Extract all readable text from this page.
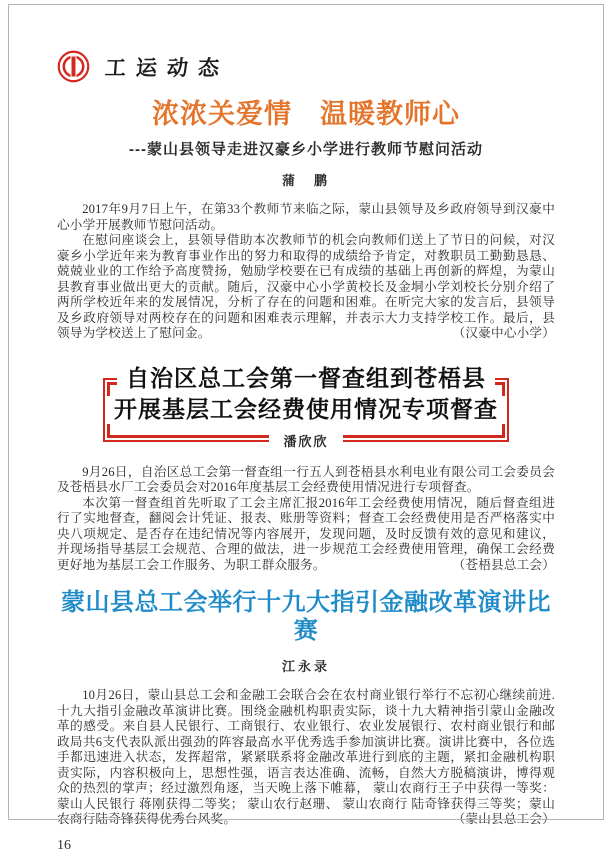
工运动态
浓浓关爱情　温暖教师心
---蒙山县领导走进汉豪乡小学进行教师节慰问活动
蒲　鹏

2017年9月7日上午，在第33个教师节来临之际，蒙山县领导及乡政府领导到汉豪中心小学开展教师节慰问活动。

在慰问座谈会上，县领导借助本次教师节的机会向教师们送上了节日的问候，对汉豪乡小学近年来为教育事业作出的努力和取得的成绩给予肯定，对教职员工勤勤恳恳、兢兢业业的工作给予高度赞扬，勉励学校要在已有成绩的基础上再创新的辉煌，为蒙山县教育事业做出更大的贡献。随后，汉豪中心小学黄校长及金垌小学刘校长分别介绍了两所学校近年来的发展情况，分析了存在的问题和困难。在听完大家的发言后，县领导及乡政府领导对两校存在的问题和困难表示理解，并表示大力支持学校工作。最后，县领导为学校送上了慰问金。	（汉豪中心小学）

自治区总工会第一督查组到苍梧县
开展基层工会经费使用情况专项督查
潘欣欣

9月26日，自治区总工会第一督查组一行五人到苍梧县水利电业有限公司工会委员会及苍梧县水厂工会委员会对2016年度基层工会经费使用情况进行专项督查。

本次第一督查组首先听取了工会主席汇报2016年工会经费使用情况，随后督查组进行了实地督查，翻阅会计凭证、报表、账册等资料；督查工会经费使用是否严格落实中央八项规定、是否存在违纪情况等内容展开，发现问题，及时反馈有效的意见和建议，并现场指导基层工会规范、合理的做法，进一步规范工会经费使用管理，确保工会经费更好地为基层工会工作服务、为职工群众服务。	（苍梧县总工会）

蒙山县总工会举行十九大指引金融改革演讲比赛
江永录

10月26日，蒙山县总工会和金融工会联合会在农村商业银行举行不忘初心继续前进.十九大指引金融改革演讲比赛。围绕金融机构职责实际，谈十九大精神指引蒙山金融改革的感受。来自县人民银行、工商银行、农业银行、农业发展银行、农村商业银行和邮政局共6支代表队派出强劲的阵容最高水平优秀选手参加演讲比赛。演讲比赛中，各位选手都迅速进入状态，发挥超常，紧紧联系将金融改革进行到底的主题，紧扣金融机构职责实际，内容积极向上，思想性强，语言表达准确、流畅，自然大方脱稿演讲，博得观众的热烈的掌声；经过激烈角逐，当天晚上落下帷幕， 蒙山农商行王子中获得一等奖： 蒙山人民银行 蒋刚获得二等奖； 蒙山农行赵珊、 蒙山农商行 陆奇锋获得三等奖；蒙山农商行陆奇锋获得优秀台风奖。	（蒙山县总工会）

16
